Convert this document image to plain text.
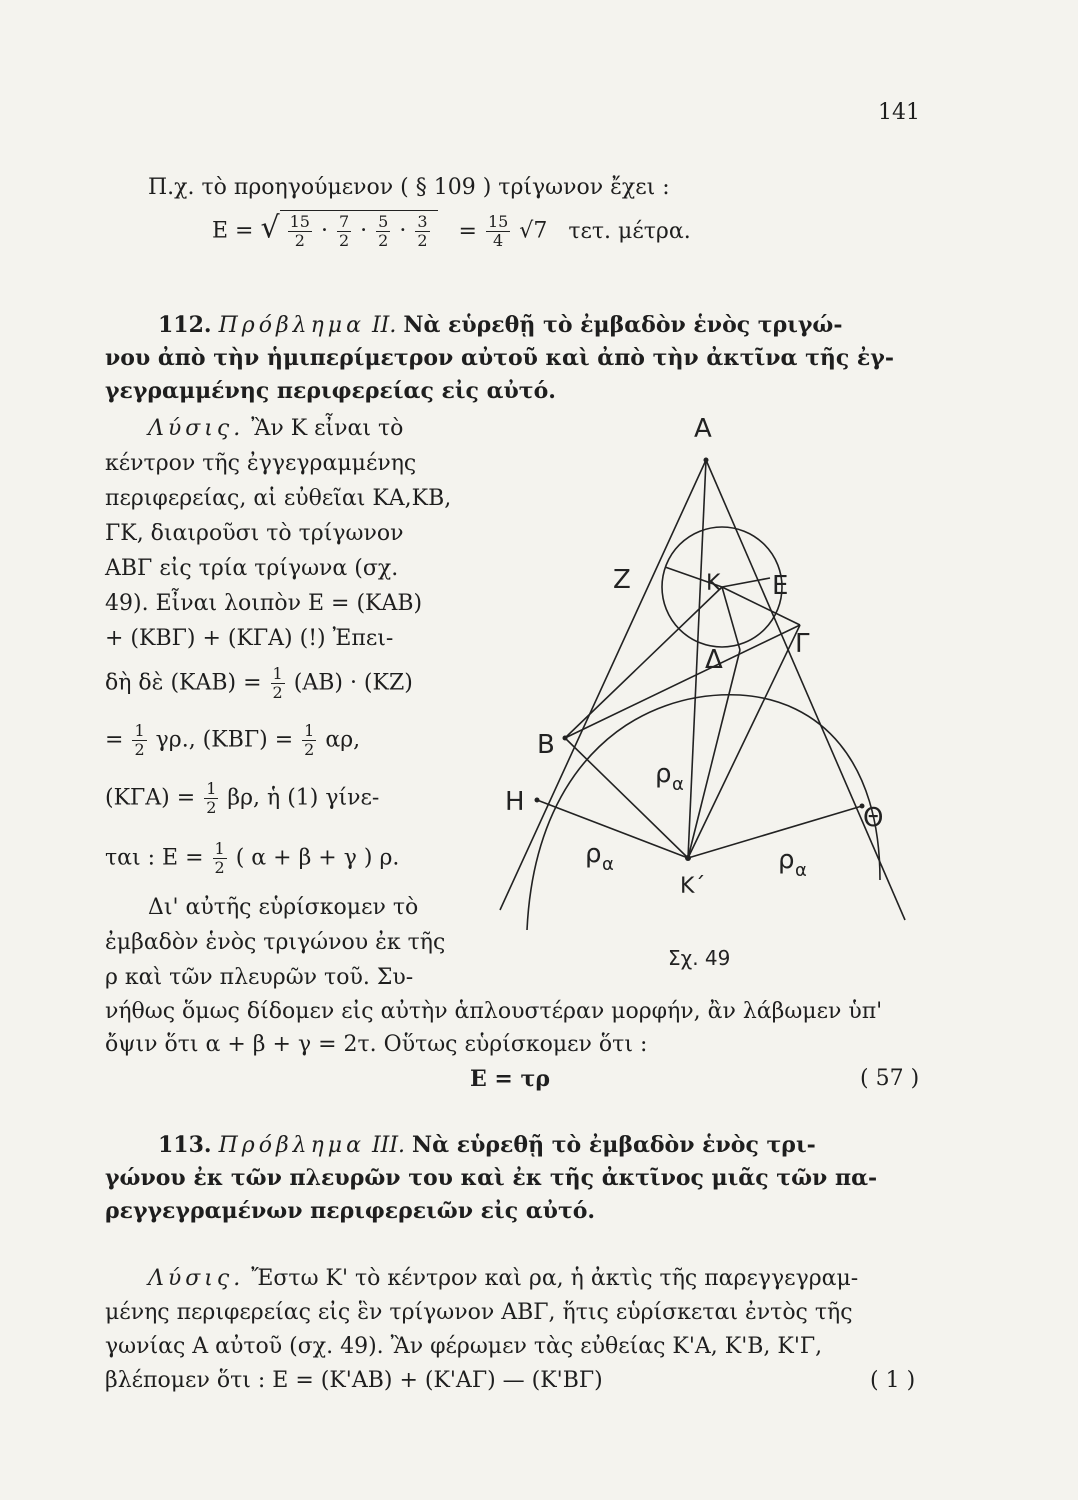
141
Π.χ. τὸ προηγούμενον ( § 109 ) τρίγωνον ἔχει :
E = √ $\frac{15}{2} \cdot \frac{7}{2} \cdot \frac{5}{2} \cdot \frac{3}{2} = \frac{15}{4} √7$ τετ. μέτρα.
112. Πρόβλημα II. Νὰ εὑρεθῇ τὸ ἐμβαδὸν ἑνὸς τριγώ-
νου ἀπὸ τὴν ἡμιπερίμετρον αὐτοῦ καὶ ἀπὸ τὴν ἀκτῖνα τῆς ἐγ-
γεγραμμένης περιφερείας εἰς αὐτό.
Λύσις. Ἂν Κ εἶναι τὸ
κέντρον τῆς ἐγγεγραμμένης
περιφερείας, αἱ εὐθεῖαι ΚΑ,ΚΒ,
ΓΚ, διαιροῦσι τὸ τρίγωνον
ΑΒΓ εἰς τρία τρίγωνα (σχ.
49). Εἶναι λοιπὸν Ε = (ΚΑΒ)
+ (ΚΒΓ) + (ΚΓΑ) (!) Ἐπει-
δὴ δὲ $(KAB) = \frac{1}{2} (AB) \cdot (KZ)$
= $\frac{1}{2} \gamma\rho$., $(KB\Gamma) = \frac{1}{2} \alpha\rho$,
$(K\Gamma A) = \frac{1}{2} \beta\rho$, ἡ (1) γίνε-
ται : $E = \frac{1}{2}$ ( α + β + γ ) ρ.
Δι' αὐτῆς εὑρίσκομεν τὸ
ἐμβαδὸν ἑνὸς τριγώνου ἐκ τῆς
ρ καὶ τῶν πλευρῶν τοῦ. Συ-
νήθως ὅμως δίδομεν εἰς αὐτὴν ἁπλουστέραν μορφήν, ἂν λάβωμεν ὑπ'
ὄψιν ὅτι α + β + γ = 2τ. Οὕτως εὑρίσκομεν ὅτι :
Ε = τρ	( 57 )
Α
Ζ	Κ Ε
Γ
Δ
Β
Η
Θ
Κ΄
ρ α
ρ α	ρ α
Σχ. 49
113. Πρόβλημα III. Νὰ εὑρεθῇ τὸ ἐμβαδὸν ἑνὸς τρι-
γώνου ἐκ τῶν πλευρῶν του καὶ ἐκ τῆς ἀκτῖνος μιᾶς τῶν πα-
ρεγγεγραμένων περιφερειῶν εἰς αὐτό.
Λύσις. Ἔστω Κ' τὸ κέντρον καὶ ρα, ἡ ἀκτὶς τῆς παρεγγεγραμ-
μένης περιφερείας εἰς ἓν τρίγωνον ΑΒΓ, ἥτις εὑρίσκεται ἐντὸς τῆς
γωνίας Α αὐτοῦ (σχ. 49). Ἂν φέρωμεν τὰς εὐθείας Κ'Α, Κ'Β, Κ'Γ,
βλέπομεν ὅτι : Ε = (Κ'ΑΒ) + (Κ'ΑΓ) — (Κ'ΒΓ)	( 1 )
